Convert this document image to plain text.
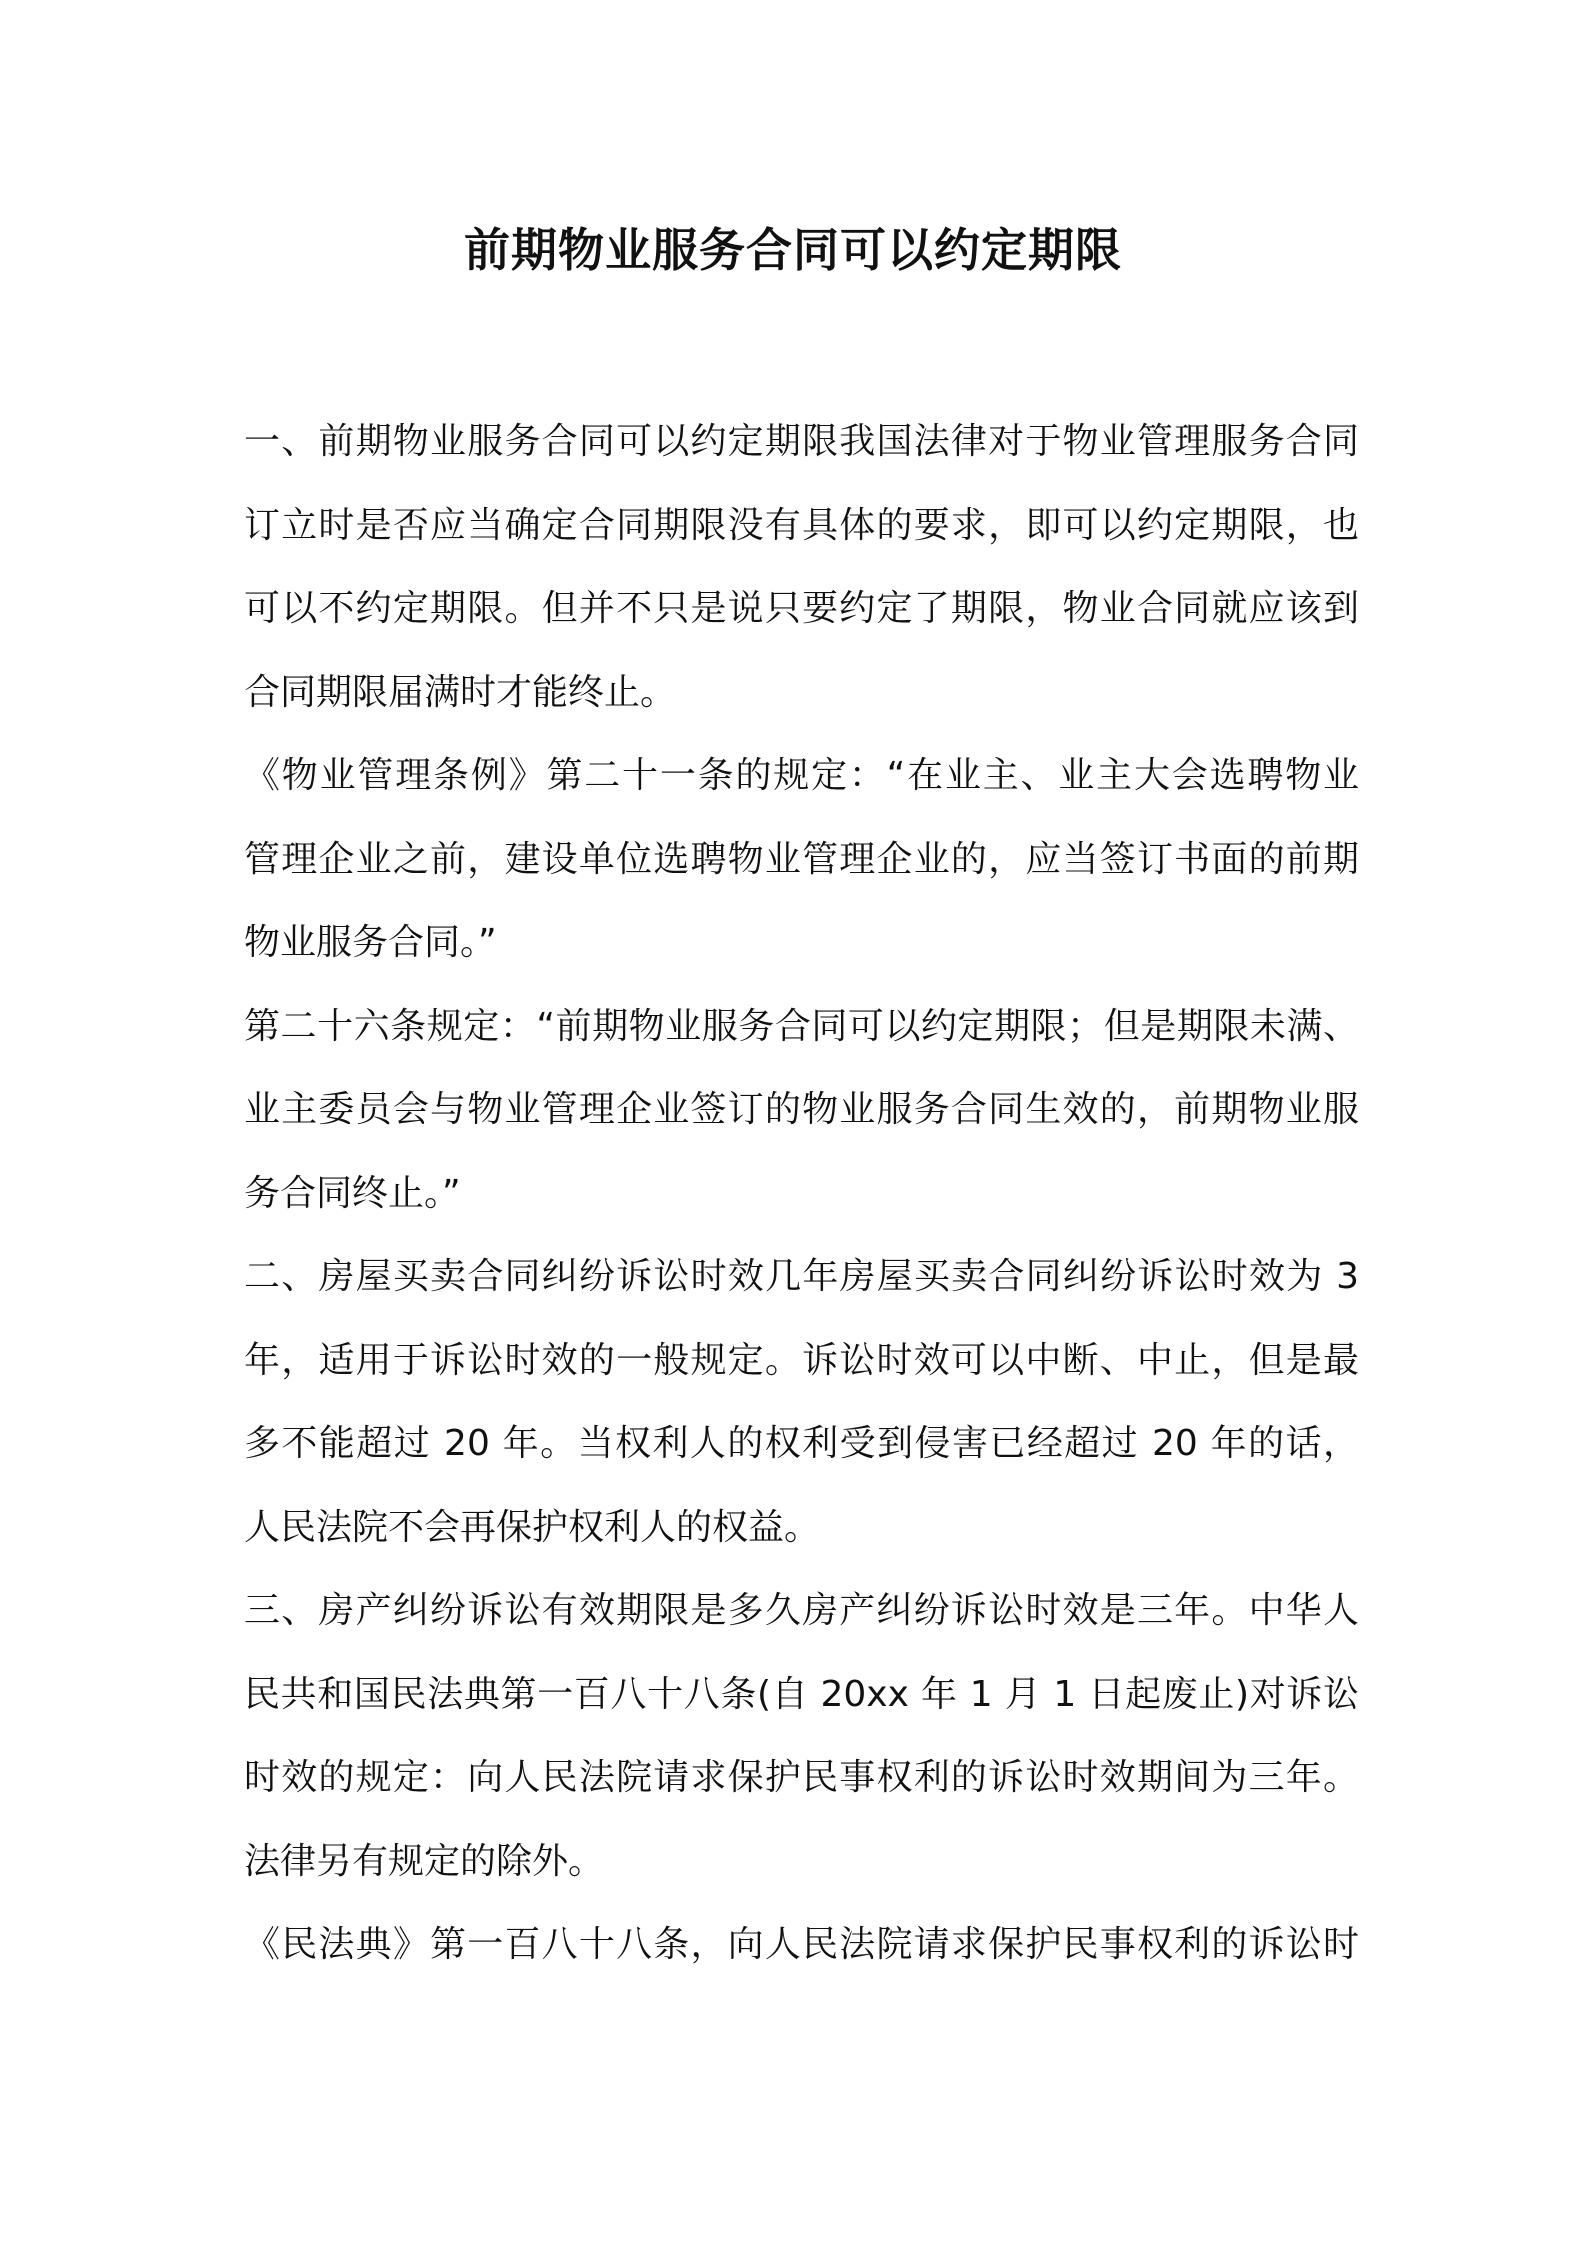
前期物业服务合同可以约定期限
一、前期物业服务合同可以约定期限我国法律对于物业管理服务合同
订立时是否应当确定合同期限没有具体的要求，即可以约定期限，也
可以不约定期限。但并不只是说只要约定了期限，物业合同就应该到
合同期限届满时才能终止。
《物业管理条例》第二十一条的规定：“在业主、业主大会选聘物业
管理企业之前，建设单位选聘物业管理企业的，应当签订书面的前期
物业服务合同。”
第二十六条规定：“前期物业服务合同可以约定期限；但是期限未满、
业主委员会与物业管理企业签订的物业服务合同生效的，前期物业服
务合同终止。”
二、房屋买卖合同纠纷诉讼时效几年房屋买卖合同纠纷诉讼时效为 3
年，适用于诉讼时效的一般规定。诉讼时效可以中断、中止，但是最
多不能超过 20 年。当权利人的权利受到侵害已经超过 20 年的话，
人民法院不会再保护权利人的权益。
三、房产纠纷诉讼有效期限是多久房产纠纷诉讼时效是三年。中华人
民共和国民法典第一百八十八条(自 20xx 年 1 月 1 日起废止)对诉讼
时效的规定：向人民法院请求保护民事权利的诉讼时效期间为三年。
法律另有规定的除外。
《民法典》第一百八十八条，向人民法院请求保护民事权利的诉讼时
